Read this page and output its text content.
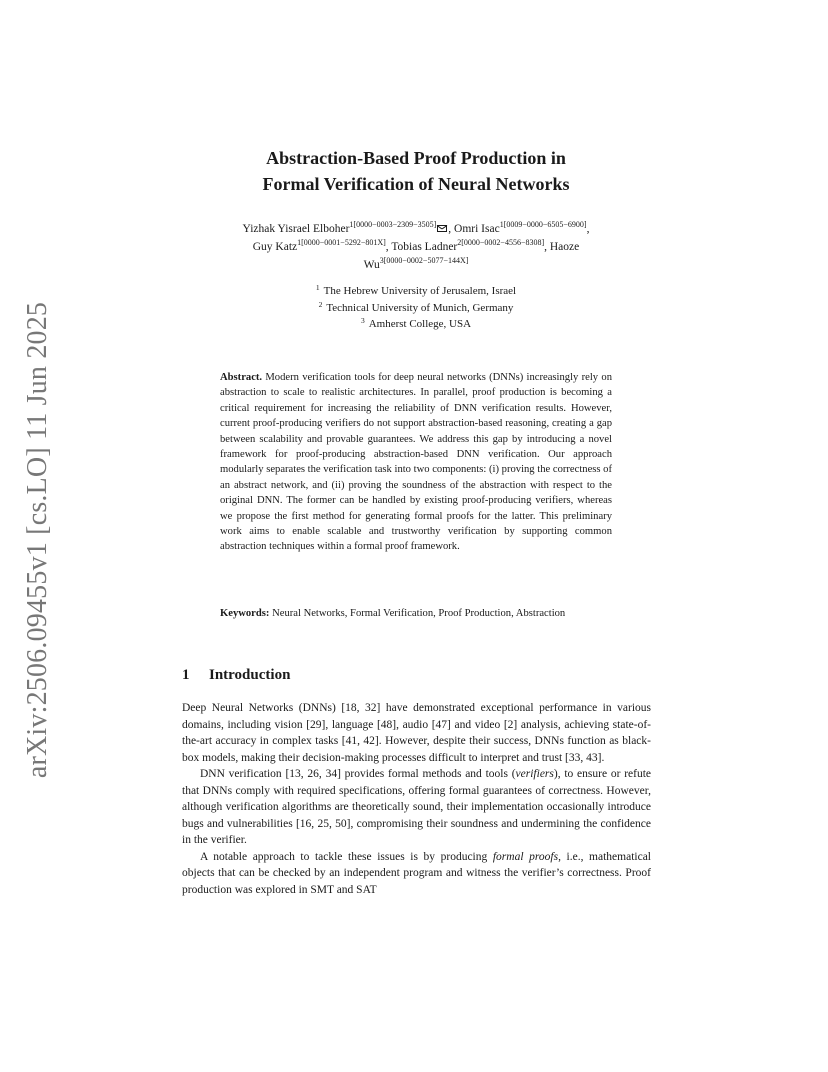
arXiv:2506.09455v1 [cs.LO] 11 Jun 2025
Abstraction-Based Proof Production in
Formal Verification of Neural Networks
Yizhak Yisrael Elboher$^{1[0000-0003-2309-3505]}$ , Omri Isac$^{1[0009-0000-6505-6900]}$,
Guy Katz$^{1[0000-0001-5292-801X]}$, Tobias Ladner$^{2[0000-0002-4556-8308]}$, Haoze
$Wu^{3[0000-0002-5077-144X]}$
$^1$ The Hebrew University of Jerusalem, Israel
$^2$ Technical University of Munich, Germany
$^3$ Amherst College, USA
Abstract. Modern verification tools for deep neural networks (DNNs) increasingly rely on abstraction to scale to realistic architectures. In parallel, proof production is becoming a critical requirement for increasing the reliability of DNN verification results. However, current proof-producing verifiers do not support abstraction-based reasoning, creating a gap between scalability and provable guarantees. We address this gap by introducing a novel framework for proof-producing abstraction-based DNN verification. Our approach modularly separates the verification task into two components: (i) proving the correctness of an abstract network, and (ii) proving the soundness of the abstraction with respect to the original DNN. The former can be handled by existing proof-producing verifiers, whereas we propose the first method for generating formal proofs for the latter. This preliminary work aims to enable scalable and trustworthy verification by supporting common abstraction techniques within a formal proof framework.
Keywords: Neural Networks, Formal Verification, Proof Production, Abstraction
1 Introduction

Deep Neural Networks (DNNs) [18, 32] have demonstrated exceptional performance in various domains, including vision [29], language [48], audio [47] and video [2] analysis, achieving state-of-the-art accuracy in complex tasks [41, 42]. However, despite their success, DNNs function as black-box models, making their decision-making processes difficult to interpret and trust [33, 43].

DNN verification [13, 26, 34] provides formal methods and tools (verifiers), to ensure or refute that DNNs comply with required specifications, offering formal guarantees of correctness. However, although verification algorithms are theoretically sound, their implementation occasionally introduce bugs and vulnerabilities [16, 25, 50], compromising their soundness and undermining the confidence in the verifier.

A notable approach to tackle these issues is by producing formal proofs, i.e., mathematical objects that can be checked by an independent program and witness the verifier’s correctness. Proof production was explored in SMT and SAT
